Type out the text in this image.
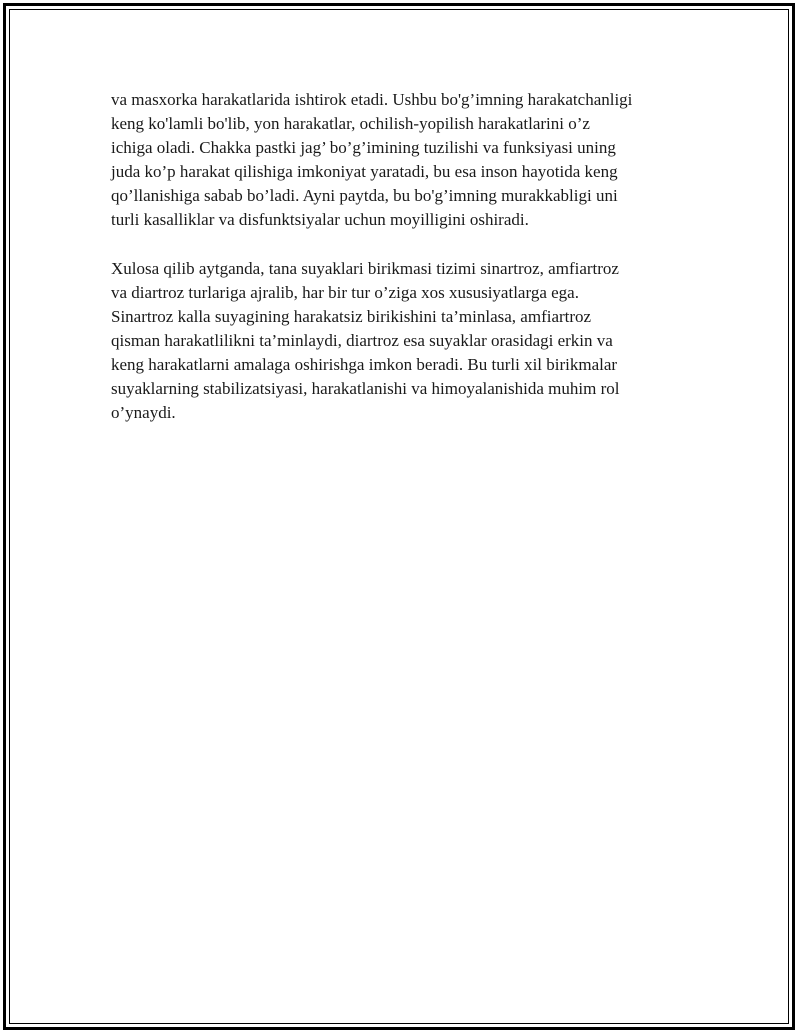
va masxorka harakatlarida ishtirok etadi. Ushbu bo'g’imning harakatchanligi
keng ko'lamli bo'lib, yon harakatlar, ochilish-yopilish harakatlarini o’z
ichiga oladi. Chakka pastki jag’ bo’g’imining tuzilishi va funksiyasi uning
juda ko’p harakat qilishiga imkoniyat yaratadi, bu esa inson hayotida keng
qo’llanishiga sabab bo’ladi. Ayni paytda, bu bo'g’imning murakkabligi uni
turli kasalliklar va disfunktsiyalar uchun moyilligini oshiradi.

Xulosa qilib aytganda, tana suyaklari birikmasi tizimi sinartroz, amfiartroz
va diartroz turlariga ajralib, har bir tur o’ziga xos xususiyatlarga ega.
Sinartroz kalla suyagining harakatsiz birikishini ta’minlasa, amfiartroz
qisman harakatlilikni ta’minlaydi, diartroz esa suyaklar orasidagi erkin va
keng harakatlarni amalaga oshirishga imkon beradi. Bu turli xil birikmalar
suyaklarning stabilizatsiyasi, harakatlanishi va himoyalanishida muhim rol
o’ynaydi.
